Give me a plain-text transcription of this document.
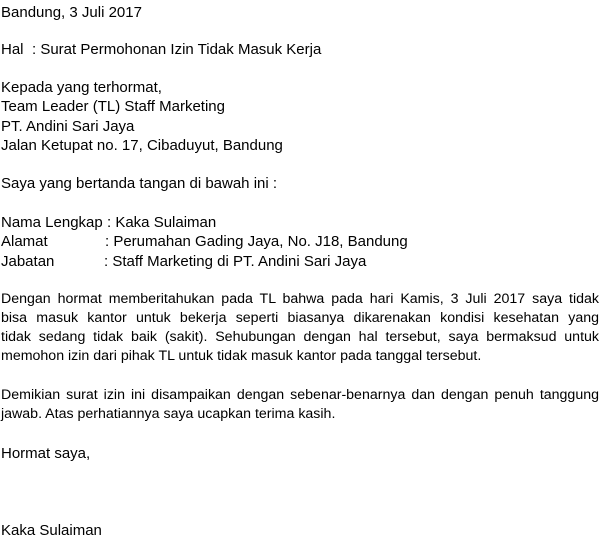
Bandung, 3 Juli 2017
Hal : Surat Permohonan Izin Tidak Masuk Kerja
Kepada yang terhormat,
Team Leader (TL) Staff Marketing
PT. Andini Sari Jaya
Jalan Ketupat no. 17, Cibaduyut, Bandung
Saya yang bertanda tangan di bawah ini :
Nama Lengkap : Kaka Sulaiman
Alamat	: Perumahan Gading Jaya, No. J18, Bandung
Jabatan	: Staff Marketing di PT. Andini Sari Jaya
Dengan hormat memberitahukan pada TL bahwa pada hari Kamis, 3 Juli 2017 saya tidak
bisa masuk kantor untuk bekerja seperti biasanya dikarenakan kondisi kesehatan yang
tidak sedang tidak baik (sakit). Sehubungan dengan hal tersebut, saya bermaksud untuk
memohon izin dari pihak TL untuk tidak masuk kantor pada tanggal tersebut.
Demikian surat izin ini disampaikan dengan sebenar-benarnya dan dengan penuh tanggung
jawab. Atas perhatiannya saya ucapkan terima kasih.
Hormat saya,
Kaka Sulaiman
